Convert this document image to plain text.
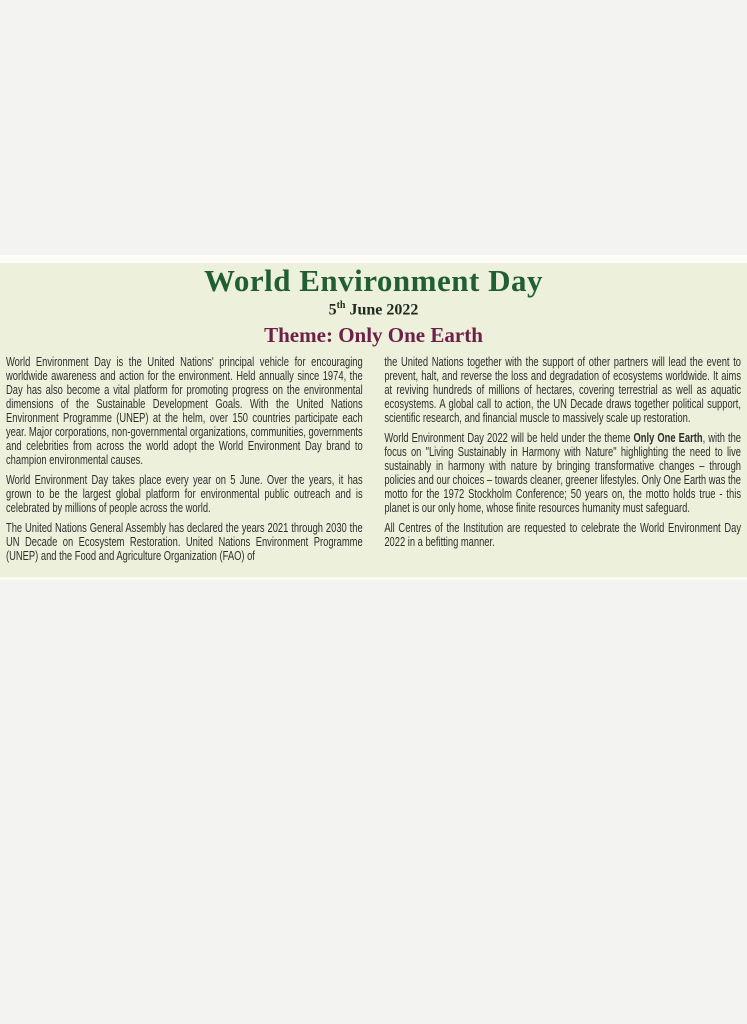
World Environment Day
5th June 2022
Theme: Only One Earth

World Environment Day is the United Nations' principal vehicle for encouraging worldwide awareness and action for the environment. Held annually since 1974, the Day has also become a vital platform for promoting progress on the environmental dimensions of the Sustainable Development Goals. With the United Nations Environment Programme (UNEP) at the helm, over 150 countries participate each year. Major corporations, non-governmental organizations, communities, governments and celebrities from across the world adopt the World Environment Day brand to champion environmental causes.

World Environment Day takes place every year on 5 June. Over the years, it has grown to be the largest global platform for environmental public outreach and is celebrated by millions of people across the world.

The United Nations General Assembly has declared the years 2021 through 2030 the UN Decade on Ecosystem Restoration. United Nations Environment Programme (UNEP) and the Food and Agriculture Organization (FAO) of

the United Nations together with the support of other partners will lead the event to prevent, halt, and reverse the loss and degradation of ecosystems worldwide. It aims at reviving hundreds of millions of hectares, covering terrestrial as well as aquatic ecosystems. A global call to action, the UN Decade draws together political support, scientific research, and financial muscle to massively scale up restoration.

World Environment Day 2022 will be held under the theme Only One Earth, with the focus on "Living Sustainably in Harmony with Nature" highlighting the need to live sustainably in harmony with nature by bringing transformative changes – through policies and our choices – towards cleaner, greener lifestyles. Only One Earth was the motto for the 1972 Stockholm Conference; 50 years on, the motto holds true - this planet is our only home, whose finite resources humanity must safeguard.

All Centres of the Institution are requested to celebrate the World Environment Day 2022 in a befitting manner.
